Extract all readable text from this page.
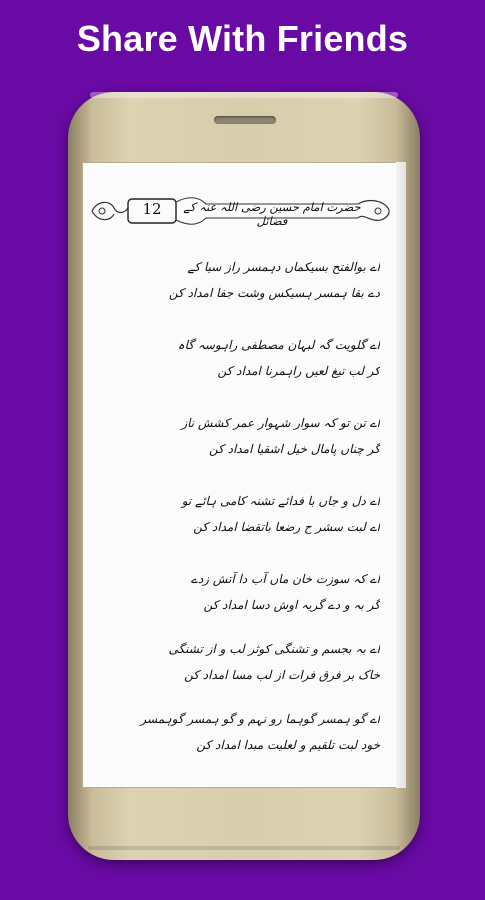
Share With Friends
12	حضرت امام حسین رضی اللہ عنہ کے فضائل
اے بوالفتح بسیکماں دہمسر راز سیا کے
دے بقا ہمسر ہسیکس وشت جفا امداد کن
اے گلویت گہ لبہان مصطفی راہوسہ گاہ
کر لب تیغ لعیں راہمرنا امداد کن
اے تن تو کہ سوار شہوار عمر کشش ناز
گر چناں پامال خیل اشقیا امداد کن
اے دل و جاں با فدائے تشنہ کامی ہائے تو
اے لبت سشر ح رضعا باتقضا امداد کن
اے کہ سوزت خان ماں آب دا آتش زدے
گر بہ و دے گریہ اوش دسا امداد کن
اے بہ بجسم و تشنگی کوثر لب و از تشنگی
خاک بر فرق فرات از لب مسا امداد کن
اے گو ہمسر گوہما رو نہم و گو ہمسر گوہمسر
خود لبت تلقیم و لعلیت مبدا امداد کن
